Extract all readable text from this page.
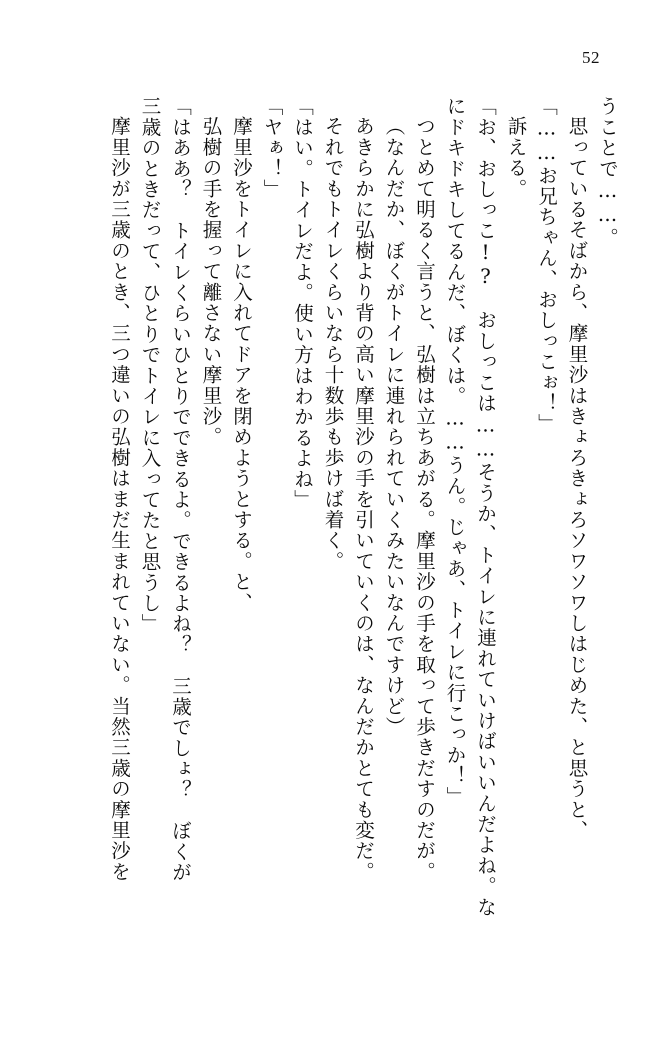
52

うことで……。

思っているそばから、摩里沙はきょろきょろソワソワしはじめた、と思うと、

「……お兄ちゃん、おしっこぉ！」

訴える。

「お、おしっこ!?　おしっこは……そうか、トイレに連れていけばいいんだよね。な

にドキドキしてるんだ、ぼくは。……うん。じゃあ、トイレに行こっか！」

つとめて明るく言うと、弘樹は立ちあがる。摩里沙の手を取って歩きだすのだが。

（なんだか、ぼくがトイレに連れられていくみたいなんですけど）

あきらかに弘樹より背の高い摩里沙の手を引いていくのは、なんだかとても変だ。

それでもトイレくらいなら十数歩も歩けば着く。

「はい。トイレだよ。使い方はわかるよね」

「ヤぁ！」

摩里沙をトイレに入れてドアを閉めようとする。と、

弘樹の手を握って離さない摩里沙。

「はああ？　トイレくらいひとりでできるよ。できるよね？　三歳でしょ？　ぼくが

三歳のときだって、ひとりでトイレに入ってたと思うし」

摩里沙が三歳のとき、三つ違いの弘樹はまだ生まれていない。当然三歳の摩里沙を
